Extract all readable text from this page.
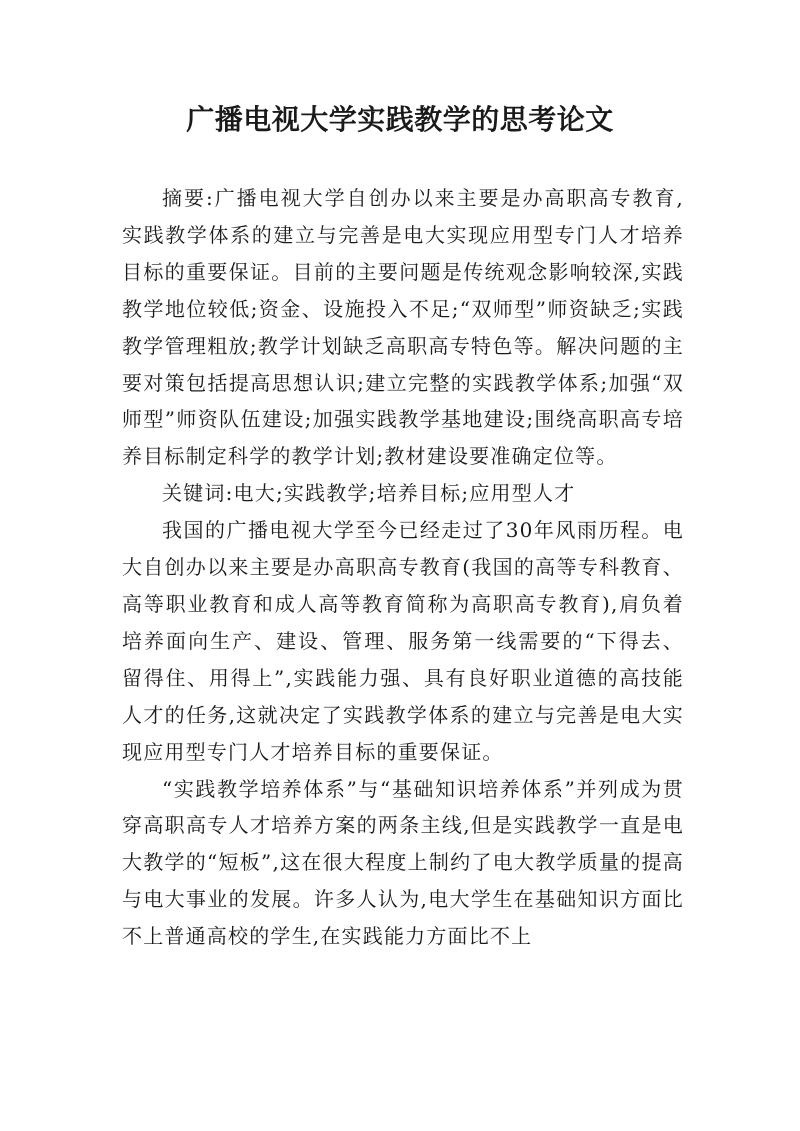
广播电视大学实践教学的思考论文

摘要:广播电视大学自创办以来主要是办高职高专教育,实践教学体系的建立与完善是电大实现应用型专门人才培养目标的重要保证。目前的主要问题是传统观念影响较深,实践教学地位较低;资金、设施投入不足;“双师型”师资缺乏;实践教学管理粗放;教学计划缺乏高职高专特色等。解决问题的主要对策包括提高思想认识;建立完整的实践教学体系;加强“双师型”师资队伍建设;加强实践教学基地建设;围绕高职高专培养目标制定科学的教学计划;教材建设要准确定位等。

关键词:电大;实践教学;培养目标;应用型人才

我国的广播电视大学至今已经走过了30年风雨历程。电大自创办以来主要是办高职高专教育(我国的高等专科教育、高等职业教育和成人高等教育简称为高职高专教育),肩负着培养面向生产、建设、管理、服务第一线需要的“下得去、留得住、用得上”,实践能力强、具有良好职业道德的高技能人才的任务,这就决定了实践教学体系的建立与完善是电大实现应用型专门人才培养目标的重要保证。

“实践教学培养体系”与“基础知识培养体系”并列成为贯穿高职高专人才培养方案的两条主线,但是实践教学一直是电大教学的“短板”,这在很大程度上制约了电大教学质量的提高与电大事业的发展。许多人认为,电大学生在基础知识方面比不上普通高校的学生,在实践能力方面比不上
